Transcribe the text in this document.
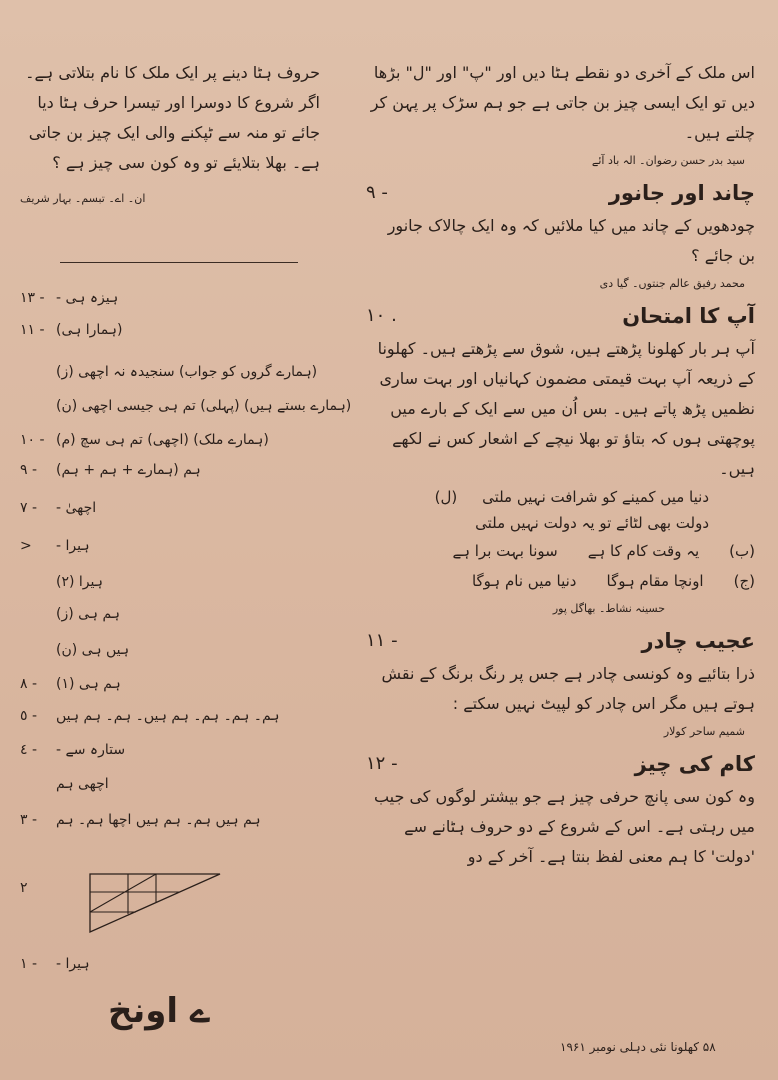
اس ملک کے آخری دو نقطے ہٹا دیں اور "پ" اور "ل" بڑھا دیں تو ایک ایسی چیز بن جاتی ہے جو ہم سڑک پر پہن کر چلتے ہیں۔

سید بدر حسن رضوان۔ الہ باد آئے
چاند اور جانور
٩ -

چودھویں کے چاند میں کیا ملائیں کہ وہ ایک چالاک جانور بن جائے ؟

محمد رفیق عالم جنتوں۔ گیا دی
آپ کا امتحان
١٠ .

آپ ہر بار کھلونا پڑھتے ہیں، شوق سے پڑھتے ہیں۔ کھلونا کے ذریعہ آپ بہت قیمتی مضمون کہانیاں اور بہت ساری نظمیں پڑھ پاتے ہیں۔ بس اُن میں سے ایک کے بارے میں پوچھتی ہوں کہ بتاؤ تو بھلا نیچے کے اشعار کس نے لکھے ہیں۔

دنیا میں کمینے کو شرافت نہیں ملتی (ل)
دولت بھی لٹائے تو یہ دولت نہیں ملتی
(ب)
یہ وقت کام کا ہے
سونا بہت برا ہے
(ج)
اونچا مقام ہوگا
دنیا میں نام ہوگا
حسینہ نشاط۔ بھاگل پور
عجیب چادر
١١ -

ذرا بتائیے وہ کونسی چادر ہے جس پر رنگ برنگ کے نقش ہوتے ہیں مگر اس چادر کو لپیٹ نہیں سکتے :

شمیم ساحر کولار
کام کی چیز
١٢ -

وہ کون سی پانچ حرفی چیز ہے جو بیشتر لوگوں کی جیب میں رہتی ہے۔ اس کے شروع کے دو حروف ہٹانے سے 'دولت' کا ہم معنی لفظ بنتا ہے۔ آخر کے دو

حروف ہٹا دینے پر ایک ملک کا نام بتلاتی ہے۔ اگر شروع کا دوسرا اور تیسرا حرف ہٹا دیا جائے تو منہ سے ٹپکنے والی ایک چیز بن جاتی ہے۔ بھلا بتلایئے تو وہ کون سی چیز ہے ؟

ان۔ اے۔ تبسم۔ بہار شریف
١٣ - ہیزہ ہی -
١١ - (ہمارا ہی)
(ہمارے گروں کو جواب) سنجیدہ نہ اچھی (ز)
(ہمارے بستے ہیں) (پہلی) تم ہی جیسی اچھی (ن)
١٠ - (ہمارے ملک) (اچھی) تم ہی سچ (م)
٩ - ہم (ہمارے + ہم + ہم)
٧ - اچھیٰ -
> ہیرا -
ہیرا (٢)
ہم ہی (ز)
ہیں ہی (ن)
٨ - ہم ہی (١)
٥ - ہم۔ ہم۔ ہم۔ ہم ہیں۔ ہم۔ ہم ہیں
٤ - ستارہ سے -
اچھی ہم
٣ - ہم ہیں ہم۔ ہم ہیں اچھا ہم۔ ہم
٢
١ - ہیرا -
ے اونخ
۵۸ کھلونا نئی دہلی نومبر ۱۹۶۱
